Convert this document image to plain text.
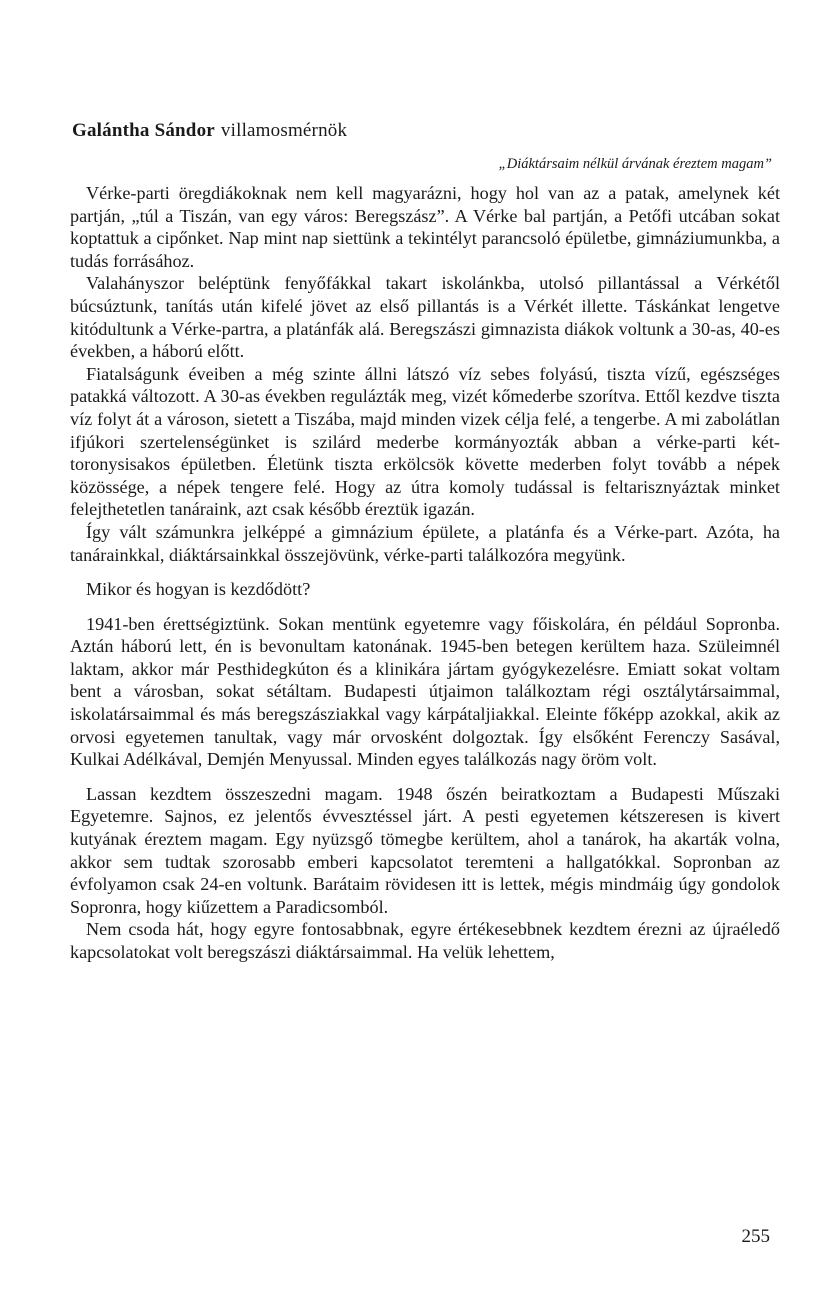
Galántha Sándor villamosmérnök
„Diáktársaim nélkül árvának éreztem magam”

Vérke-parti öregdiákoknak nem kell magyarázni, hogy hol van az a patak, amelynek két partján, „túl a Tiszán, van egy város: Beregszász”. A Vérke bal partján, a Petőfi utcában sokat koptattuk a cipőnket. Nap mint nap siettünk a tekintélyt parancsoló épületbe, gimnáziumunkba, a tudás forrásához.

Valahányszor beléptünk fenyőfákkal takart iskolánkba, utolsó pillantással a Vérkétől búcsúztunk, tanítás után kifelé jövet az első pillantás is a Vérkét illette. Táskánkat lengetve kitódultunk a Vérke-partra, a platánfák alá. Beregszászi gimnazista diákok voltunk a 30-as, 40-es években, a háború előtt.

Fiatalságunk éveiben a még szinte állni látszó víz sebes folyású, tiszta vízű, egészséges patakká változott. A 30-as években regulázták meg, vizét kőmederbe szorítva. Ettől kezdve tiszta víz folyt át a városon, sietett a Tiszába, majd minden vizek célja felé, a tengerbe. A mi zabolátlan ifjúkori szertelenségünket is szilárd mederbe kormányozták abban a vérke-parti két-toronysisakos épületben. Életünk tiszta erkölcsök követte mederben folyt tovább a népek közössége, a népek tengere felé. Hogy az útra komoly tudással is feltarisznyáztak minket felejthetetlen tanáraink, azt csak később éreztük igazán.

Így vált számunkra jelképpé a gimnázium épülete, a platánfa és a Vérke-part. Azóta, ha tanárainkkal, diáktársainkkal összejövünk, vérke-parti találkozóra megyünk.

Mikor és hogyan is kezdődött?

1941-ben érettségiztünk. Sokan mentünk egyetemre vagy főiskolára, én például Sopronba. Aztán háború lett, én is bevonultam katonának. 1945-ben betegen kerültem haza. Szüleimnél laktam, akkor már Pesthidegkúton és a klinikára jártam gyógykezelésre. Emiatt sokat voltam bent a városban, sokat sétáltam. Budapesti útjaimon találkoztam régi osztálytársaimmal, iskolatársaimmal és más beregszásziakkal vagy kárpátaljiakkal. Eleinte főképp azokkal, akik az orvosi egyetemen tanultak, vagy már orvosként dolgoztak. Így elsőként Ferenczy Sasával, Kulkai Adélkával, Demjén Menyussal. Minden egyes találkozás nagy öröm volt.

Lassan kezdtem összeszedni magam. 1948 őszén beiratkoztam a Budapesti Műszaki Egyetemre. Sajnos, ez jelentős évvesztéssel járt. A pesti egyetemen kétszeresen is kivert kutyának éreztem magam. Egy nyüzsgő tömegbe kerültem, ahol a tanárok, ha akarták volna, akkor sem tudtak szorosabb emberi kapcsolatot teremteni a hallgatókkal. Sopronban az évfolyamon csak 24-en voltunk. Barátaim rövidesen itt is lettek, mégis mindmáig úgy gondolok Sopronra, hogy kiűzettem a Paradicsomból.

Nem csoda hát, hogy egyre fontosabbnak, egyre értékesebbnek kezdtem érezni az újraéledő kapcsolatokat volt beregszászi diáktársaimmal. Ha velük lehettem,

255
